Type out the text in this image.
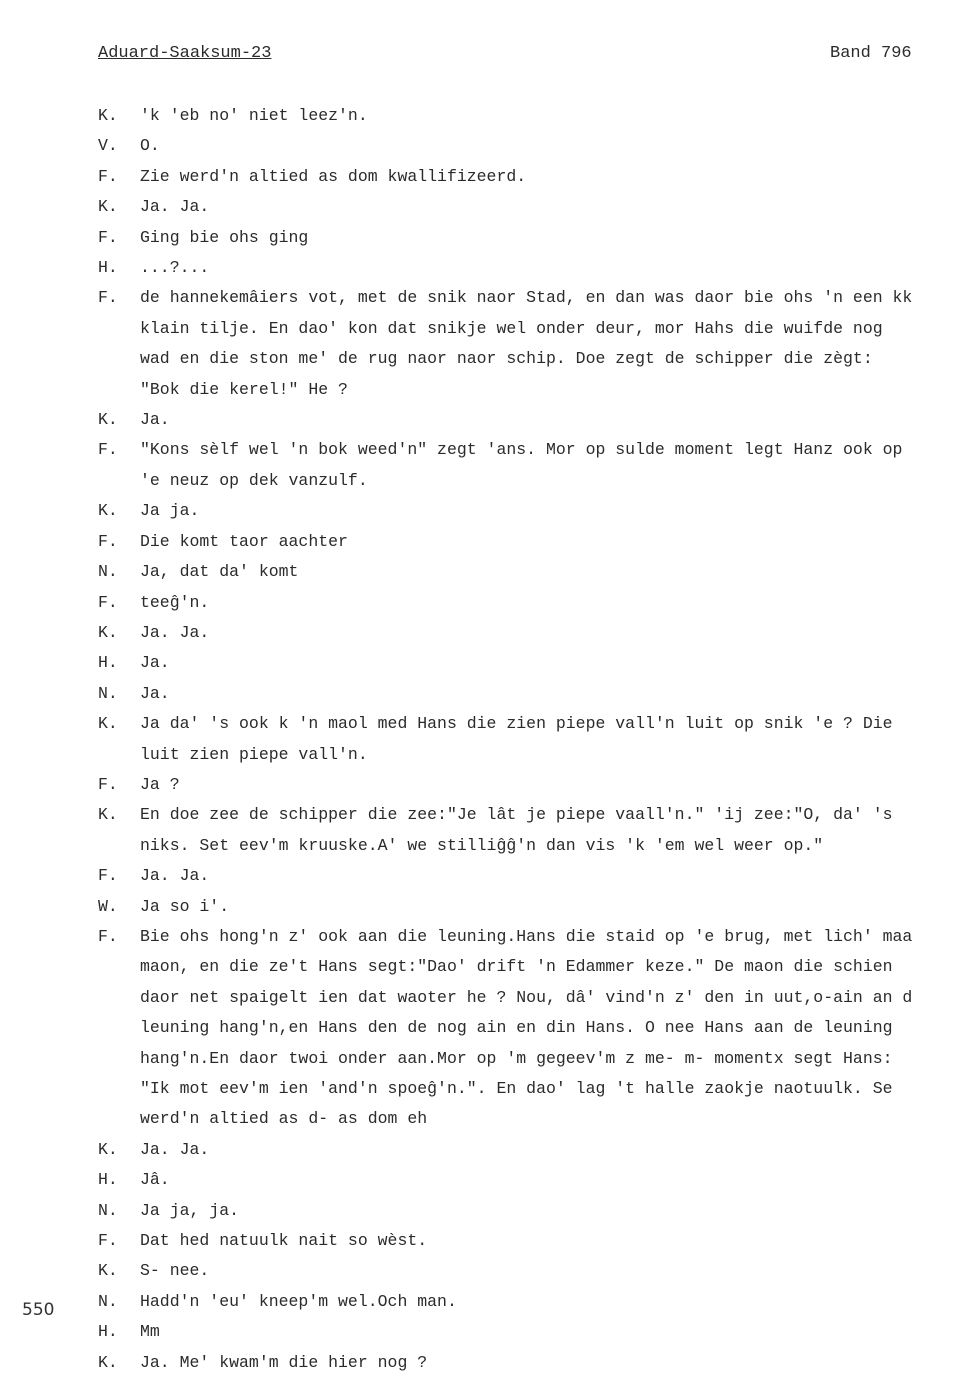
Aduard-Saaksum-23	Band 796
550
K.	'k 'eb no' niet leez'n.
V.	O.
F.	Zie werd'n altied as dom kwallifizeerd.
K.	Ja. Ja.
F.	Ging bie ohs ging
H.	...?...
F.	de hannekemâiers vot, met de snik naor Stad, en dan was daor bie ohs 'n een kk
klain tilje. En dao' kon dat snikje wel onder deur, mor Hahs die wuifde nog
wad en die ston me' de rug naor naor schip. Doe zegt de schipper die zègt:
"Bok die kerel!" He ?
K.	Ja.
F.	"Kons sèlf wel 'n bok weed'n" zegt 'ans. Mor op sulde moment legt Hanz ook op
'e neuz op dek vanzulf.
K.	Ja ja.
F.	Die komt taor aachter
N.	Ja, dat da' komt
F.	teeĝ'n.
K.	Ja. Ja.
H.	Ja.
N.	Ja.
K.	Ja da' 's ook k 'n maol med Hans die zien piepe vall'n luit op snik 'e ? Die
luit zien piepe vall'n.
F.	Ja ?
K.	En doe zee de schipper die zee:"Je lât je piepe vaall'n." 'ij zee:"O, da' 's
niks. Set eev'm kruuske.A' we stilliĝĝ'n dan vis 'k 'em wel weer op."
F.	Ja. Ja.
W.	Ja so i'.
F.	Bie ohs hong'n z' ook aan die leuning.Hans die staid op 'e brug, met lich' maa
maon, en die ze't Hans segt:"Dao' drift 'n Edammer keze." De maon die schien
daor net spaigelt ien dat waoter he ? Nou, dâ' vind'n z' den in uut,o-ain an d
leuning hang'n,en Hans den de nog ain en din Hans. O nee Hans aan de leuning
hang'n.En daor twoi onder aan.Mor op 'm gegeev'm z me- m- momentx segt Hans:
"Ik mot eev'm ien 'and'n spoeĝ'n.". En dao' lag 't halle zaokje naotuulk. Se
werd'n altied as d- as dom eh
K.	Ja. Ja.
H.	Jâ.
N.	Ja ja, ja.
F.	Dat hed natuulk nait so wèst.
K.	S- nee.
N.	Hadd'n 'eu' kneep'm wel.Och man.
H.	Mm
K.	Ja. Me' kwam'm die hier nog ?
